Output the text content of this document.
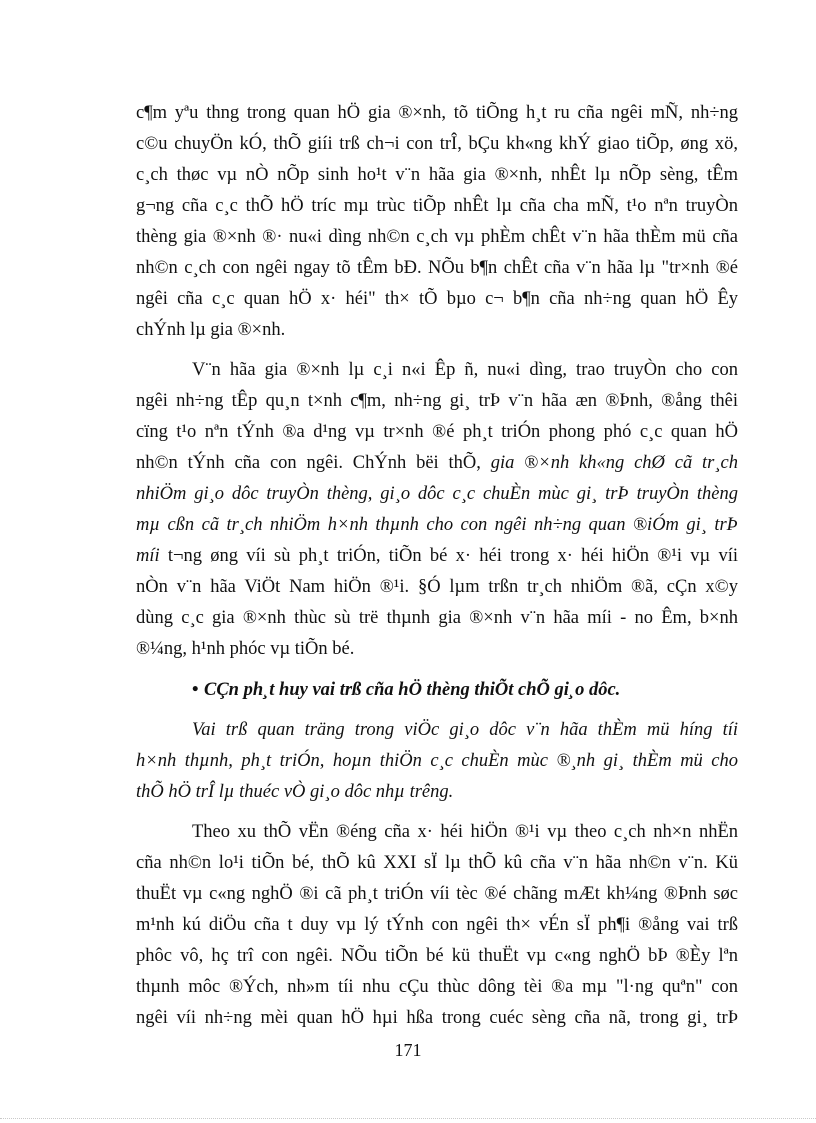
c¶m yªu thng trong quan hÖ gia ®×nh, tõ tiÕng h¸t ru cña ngêi mÑ, nh÷ng
c©u chuyÖn kÓ, thÕ giíi trß ch¬i con trÎ, bÇu kh«ng khÝ giao tiÕp, øng xö,
c¸ch thøc vµ nÒ nÕp sinh ho¹t v¨n hãa gia ®×nh, nhÊt lµ nÕp sèng, tÊm
g¬ng cña c¸c thÕ hÖ tríc mµ trùc tiÕp nhÊt lµ cña cha mÑ, t¹o nªn truyÒn
thèng gia ®×nh ®· nu«i dìng nh©n c¸ch vµ phÈm chÊt v¨n hãa thÈm mü cña
nh©n c¸ch con ngêi ngay tõ tÊm bÐ. NÕu b¶n chÊt cña v¨n hãa lµ "tr×nh ®é
ngêi cña c¸c quan hÖ x· héi" th× tÕ bµo c¬ b¶n cña nh÷ng quan hÖ Êy
chÝnh lµ gia ®×nh.
V¨n hãa gia ®×nh lµ c¸i n«i Êp ñ, nu«i dìng, trao truyÒn cho con
ngêi nh÷ng tÊp qu¸n t×nh c¶m, nh÷ng gi¸ trÞ v¨n hãa æn ®Þnh, ®ång thêi
cïng t¹o nªn tÝnh ®a d¹ng vµ tr×nh ®é ph¸t triÓn phong phó c¸c quan hÖ
nh©n tÝnh cña con ngêi. ChÝnh bëi thÕ, gia ®×nh kh«ng chØ cã tr¸ch
nhiÖm gi¸o dôc truyÒn thèng, gi¸o dôc c¸c chuÈn mùc gi¸ trÞ truyÒn thèng
mµ cßn cã tr¸ch nhiÖm h×nh thµnh cho con ngêi nh÷ng quan ®iÓm gi¸ trÞ
míi t¬ng øng víi sù ph¸t triÓn, tiÕn bé x· héi trong x· héi hiÖn ®¹i vµ víi
nÒn v¨n hãa ViÖt Nam hiÖn ®¹i. §Ó lµm trßn tr¸ch nhiÖm ®ã, cÇn x©y
dùng c¸c gia ®×nh thùc sù trë thµnh gia ®×nh v¨n hãa míi - no Êm, b×nh
®¼ng, h¹nh phóc vµ tiÕn bé.
• CÇn ph¸t huy vai trß cña hÖ thèng thiÕt chÕ gi¸o dôc.
Vai trß quan träng trong viÖc gi¸o dôc v¨n hãa thÈm mü híng tíi
h×nh thµnh, ph¸t triÓn, hoµn thiÖn c¸c chuÈn mùc ®¸nh gi¸ thÈm mü cho
thÕ hÖ trÎ lµ thuéc vÒ gi¸o dôc nhµ trêng.
Theo xu thÕ vËn ®éng cña x· héi hiÖn ®¹i vµ theo c¸ch nh×n nhËn
cña nh©n lo¹i tiÕn bé, thÕ kû XXI sÏ lµ thÕ kû cña v¨n hãa nh©n v¨n. Kü
thuËt vµ c«ng nghÖ ®i cã ph¸t triÓn víi tèc ®é chãng mÆt kh¼ng ®Þnh søc
m¹nh kú diÖu cña t duy vµ lý tÝnh con ngêi th× vÉn sÏ ph¶i ®ång vai trß
phôc vô, hç trî con ngêi. NÕu tiÕn bé kü thuËt vµ c«ng nghÖ bÞ ®Èy lªn
thµnh môc ®Ých, nh»m tíi nhu cÇu thùc dông tèi ®a mµ "l·ng quªn" con
ngêi víi nh÷ng mèi quan hÖ hµi hßa trong cuéc sèng cña nã, trong gi¸ trÞ
171
